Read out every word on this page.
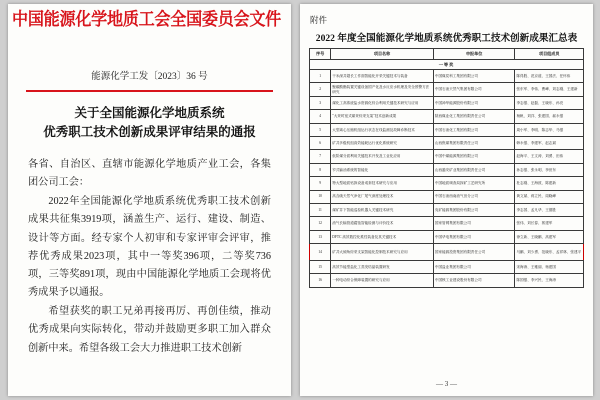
中国能源化学地质工会全国委员会文件
能源化学工发〔2023〕36 号
关于全国能源化学地质系统
优秀职工技术创新成果评审结果的通报

各省、自治区、直辖市能源化学地质产业工会，各集团公司工会：

2022年全国能源化学地质系统优秀职工技术创新成果共征集3919项，涵盖生产、运行、建设、制造、设计等方面。经专家个人初审和专家评审会评审，推荐优秀成果2023项，其中一等奖396项，二等奖736项，三等奖891项，现由中国能源化学地质工会现将优秀成果予以通报。

希望获奖的职工兄弟再接再厉、再创佳绩，推动优秀成果向实际转化，带动并鼓励更多职工加入群众创新中来。希望各级工会大力推进职工技术创新

附件
2022 年度全国能源化学地质系统优秀职工技术创新成果汇总表
序号	项目名称	申报单位	项目组成员
一等奖			
1	干米深井超长工作面智能化开采关键技术与装备	中国煤炭科工集团有限公司	陈得胜、范京道、王国法、任怀伟
2	聚碳酸酯装置关键设备国产化及水反应水机理及安全预警方法研究	中国石油天然气集团有限公司	张东军、李伟、曹峰、刘志刚、王建新
3	煤化工高浓废盐水资源化综合利用关键技术研究与应用	中国神华能源股份有限公司	李志强、赵磊、王晓东、孙亮
4	"大采时宽式煤采综采支架"技术创新成果	陕西煤业化工集团有限责任公司	杨帆、刘洋、张建国、郝永强
5	大型离心压缩机组运行状态在线监测及故障诊断技术	中国石油化工集团有限公司	周小军、李明、陈志华、马强
6	矿井多级机组高效能耗运行优化系统研究	山西焦煤集团有限责任公司	韩永强、李建军、赵志斌
7	低阶煤分质利用关键技术开发及工业化应用	中国中煤能源集团有限公司	赵海平、王文涛、刘勇、田伟
8	窄式输油系统的智能化	山西潞安矿业集团有限责任公司	孙志强、张永明、李世东
9	特大型地质钻探设备成套技术研究与应用	中国地质调查局探矿工艺研究所	杜志刚、王海波、陈建新
10	高含硫天然气净化厂尾气深度处理技术	中国石油西南油气田分公司	黄文斌、蒋立民、周晓峰
11	煤矿井下智能巡检机器人关键技术研究	兖矿能源集团股份有限公司	李志国、孟凡华、王德胜
12	油气长输管道腐蚀智能检测与评价技术	国家管网集团有限公司	张伟、刘长春、郭建军
13	DFTC 高效数控化柔性装备及其关键技术	中国华电集团有限公司	徐立新、王晓鹏、高建军
14	矿井大倾角综采支架智能化控制技术研究与应用	国家能源投资集团有限责任公司	马鹏、刘少勇、范晓东、孟祥林、张建平
15	高效节能型盐化工蒸发结晶装置研发	中国盐业集团有限公司	宋海涛、王雅丽、杨建国
16	一种电动综合保障装置的研究与应用	中国核工业建设股份有限公司	陈国强、李兴民、王海涛
— 3 —
